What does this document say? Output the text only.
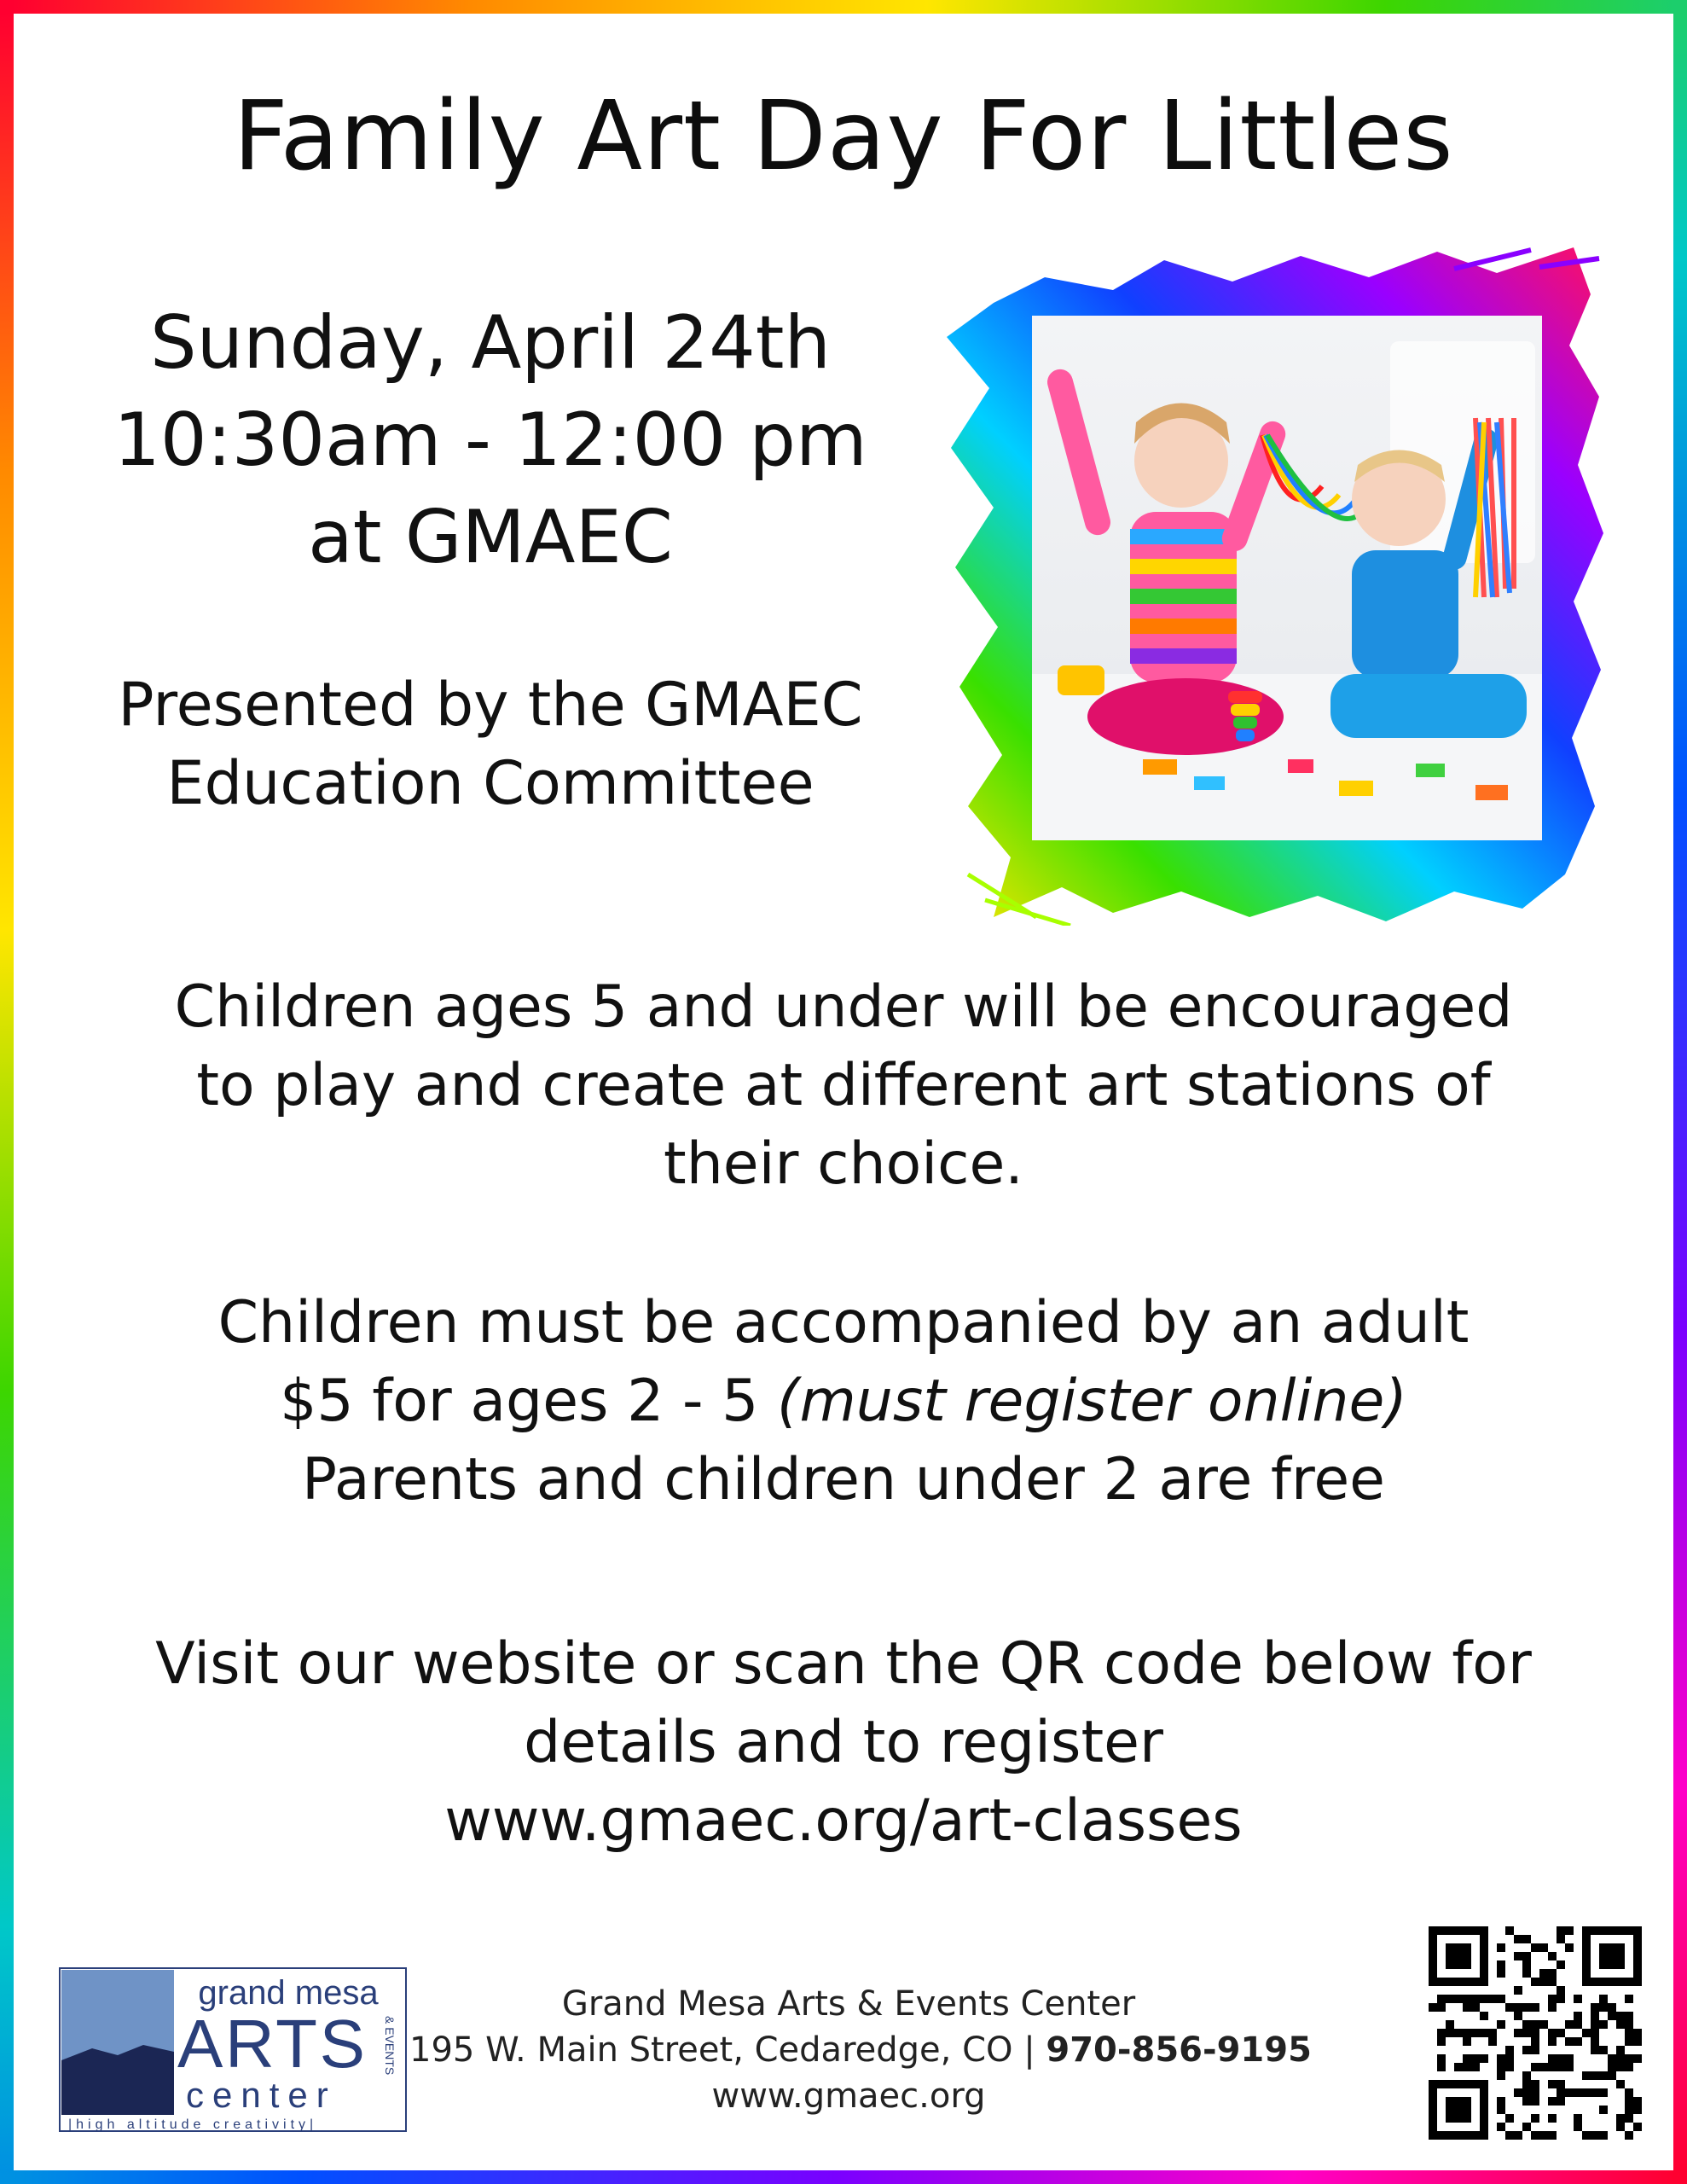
Family Art Day For Littles
Sunday, April 24th
10:30am - 12:00 pm
at GMAEC
Presented by the GMAEC
Education Committee
Children ages 5 and under will be encouraged
to play and create at different art stations of
their choice.
Children must be accompanied by an adult
$5 for ages 2 - 5 (must register online)
Parents and children under 2 are free
Visit our website or scan the QR code below for
details and to register
www.gmaec.org/art-classes
grand mesa
ARTS & EVENTS
center
|high altitude creativity|
Grand Mesa Arts & Events Center
195 W. Main Street, Cedaredge, CO | 970-856-9195
www.gmaec.org
